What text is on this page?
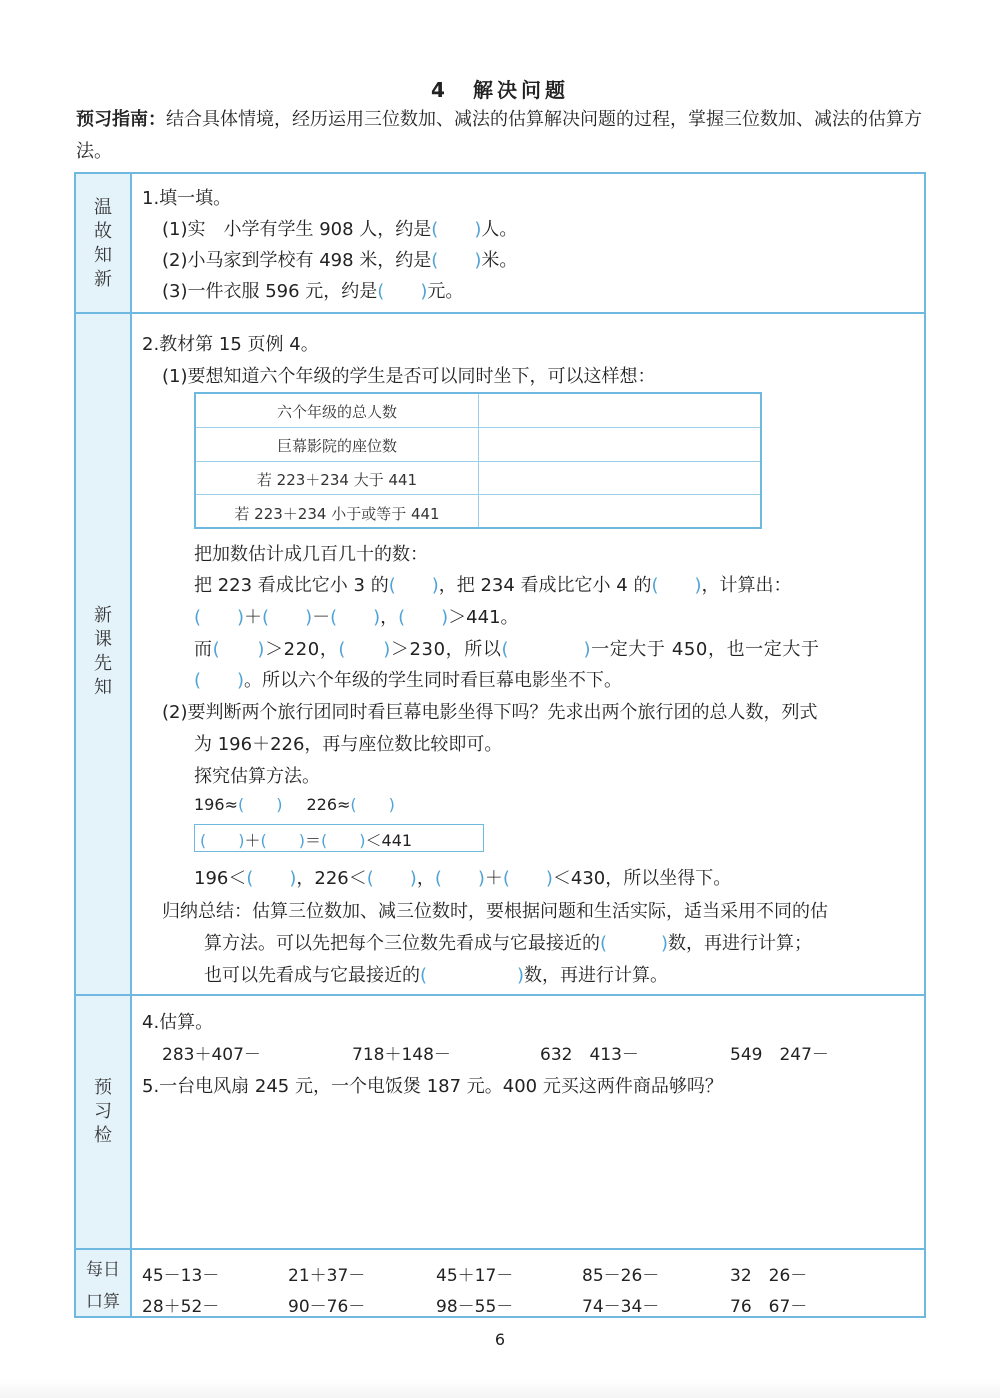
4　解决问题
预习指南：结合具体情境，经历运用三位数加、减法的估算解决问题的过程，掌握三位数加、减法的估算方法。
温故知新
新课先知
预习检
每日
口算
1.填一填。
(1)实　小学有学生 908 人，约是(　　)人。
(2)小马家到学校有 498 米，约是(　　)米。
(3)一件衣服 596 元，约是(　　)元。
2.教材第 15 页例 4。
(1)要想知道六个年级的学生是否可以同时坐下，可以这样想：
六个年级的总人数
巨幕影院的座位数
若 223＋234 大于 441
若 223＋234 小于或等于 441
把加数估计成几百几十的数：
把 223 看成比它小 3 的(　　)，把 234 看成比它小 4 的(　　)，计算出：
(　　)＋(　　)－(　　)，(　　)＞441。
而(　　)＞220，(　　)＞230，所以(　　　　)一定大于 450，也一定大于
(　　)。所以六个年级的学生同时看巨幕电影坐不下。
(2)要判断两个旅行团同时看巨幕电影坐得下吗？先求出两个旅行团的总人数，列式
为 196＋226，再与座位数比较即可。
探究估算方法。
196≈(　　) 226≈(　　)
(　　)＋(　　)＝(　　)＜441
196＜(　　)，226＜(　　)，(　　)＋(　　)＜430，所以坐得下。
归纳总结：估算三位数加、减三位数时，要根据问题和生活实际，适当采用不同的估
算方法。可以先把每个三位数先看成与它最接近的(　　　)数，再进行计算；
也可以先看成与它最接近的(　　　　　)数，再进行计算。
4.估算。
283＋407－	718＋148－	632　413－	549　247－
5.一台电风扇 245 元，一个电饭煲 187 元。400 元买这两件商品够吗？
45－13－	21＋37－	45＋17－	85－26－	32　26－
28＋52－	90－76－	98－55－	74－34－	76　67－
6
